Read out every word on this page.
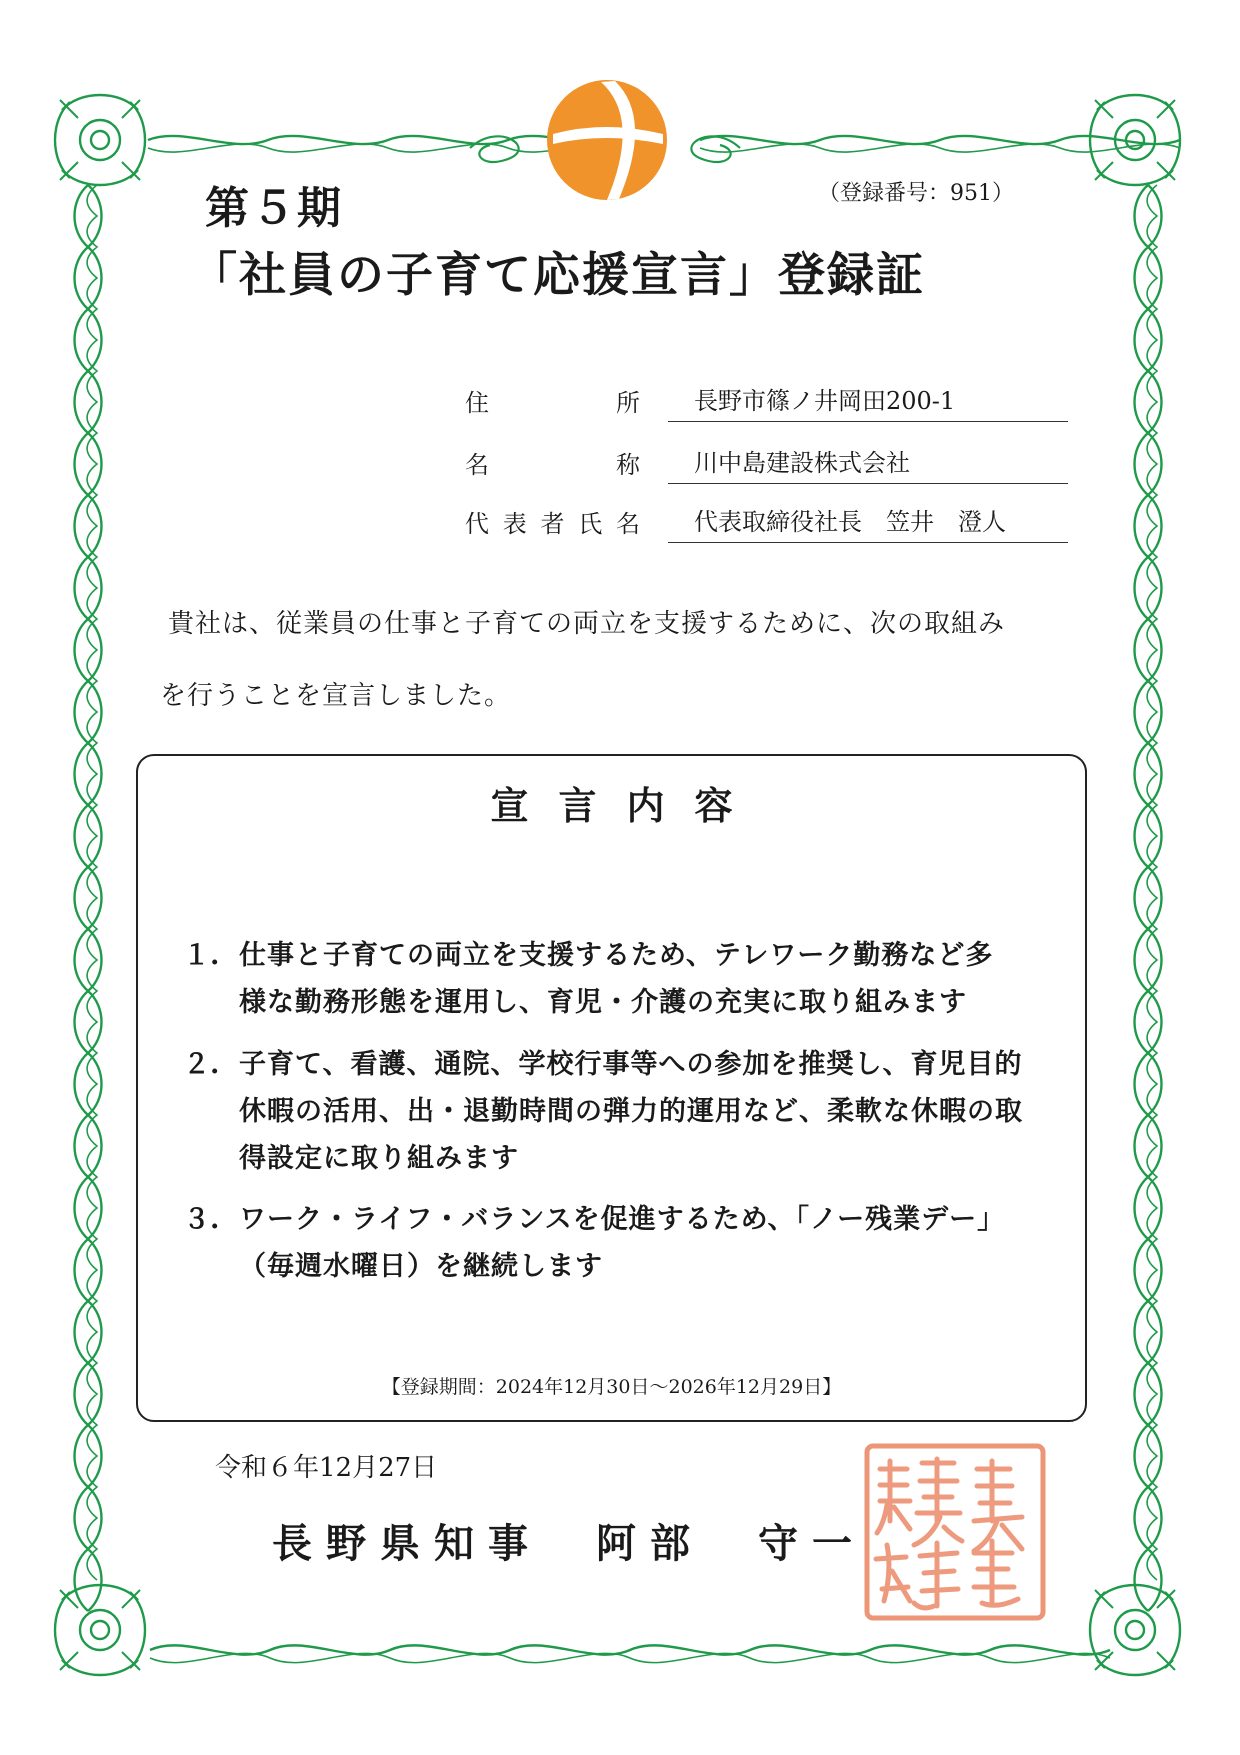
第５期	（登録番号：951）
「社員の子育て応援宣言」登録証
住	所	長野市篠ノ井岡田200-1
名	称	川中島建設株式会社
代 表 者 氏 名	代表取締役社長　笠井　澄人
貴社は、従業員の仕事と子育ての両立を支援するために、次の取組み
を行うことを宣言しました。
宣言内容
１. 仕事と子育ての両立を支援するため、テレワーク勤務など多
様な勤務形態を運用し、育児・介護の充実に取り組みます
２. 子育て、看護、通院、学校行事等への参加を推奨し、育児目的
休暇の活用、出・退勤時間の弾力的運用など、柔軟な休暇の取
得設定に取り組みます
３. ワーク・ライフ・バランスを促進するため、「ノー残業デー」
（毎週水曜日）を継続します
【登録期間：2024年12月30日～2026年12月29日】
令和６年12月27日
長野県知事　阿部　守一
